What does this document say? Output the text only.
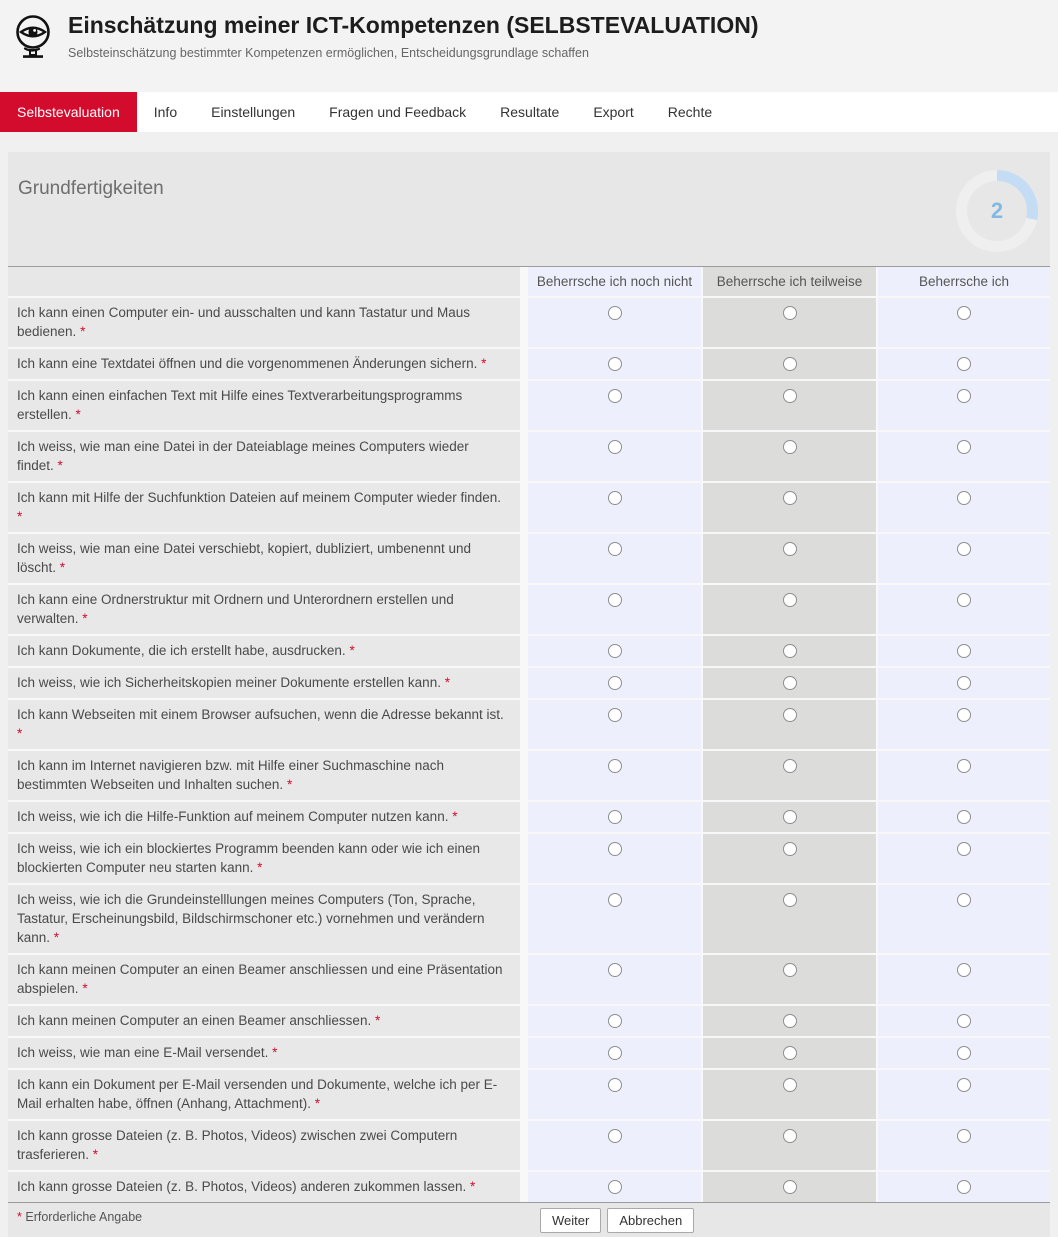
Einschätzung meiner ICT-Kompetenzen (SELBSTEVALUATION)
Selbsteinschätzung bestimmter Kompetenzen ermöglichen, Entscheidungsgrundlage schaffen
Selbstevaluation	Info	Einstellungen	Fragen und Feedback	Resultate	Export	Rechte
Grundfertigkeiten
2
Beherrsche ich noch nicht	Beherrsche ich teilweise	Beherrsche ich
Ich kann einen Computer ein- und ausschalten und kann Tastatur und Maus bedienen. *
Ich kann eine Textdatei öffnen und die vorgenommenen Änderungen sichern. *
Ich kann einen einfachen Text mit Hilfe eines Textverarbeitungsprogramms erstellen. *
Ich weiss, wie man eine Datei in der Dateiablage meines Computers wieder findet. *
Ich kann mit Hilfe der Suchfunktion Dateien auf meinem Computer wieder finden. *
Ich weiss, wie man eine Datei verschiebt, kopiert, dubliziert, umbenennt und löscht. *
Ich kann eine Ordnerstruktur mit Ordnern und Unterordnern erstellen und verwalten. *
Ich kann Dokumente, die ich erstellt habe, ausdrucken. *
Ich weiss, wie ich Sicherheitskopien meiner Dokumente erstellen kann. *
Ich kann Webseiten mit einem Browser aufsuchen, wenn die Adresse bekannt ist. *
Ich kann im Internet navigieren bzw. mit Hilfe einer Suchmaschine nach bestimmten Webseiten und Inhalten suchen. *
Ich weiss, wie ich die Hilfe-Funktion auf meinem Computer nutzen kann. *
Ich weiss, wie ich ein blockiertes Programm beenden kann oder wie ich einen blockierten Computer neu starten kann. *
Ich weiss, wie ich die Grundeinstelllungen meines Computers (Ton, Sprache, Tastatur, Erscheinungsbild, Bildschirmschoner etc.) vornehmen und verändern kann. *
Ich kann meinen Computer an einen Beamer anschliessen und eine Präsentation abspielen. *
Ich kann meinen Computer an einen Beamer anschliessen. *
Ich weiss, wie man eine E-Mail versendet. *
Ich kann ein Dokument per E-Mail versenden und Dokumente, welche ich per E-Mail erhalten habe, öffnen (Anhang, Attachment). *
Ich kann grosse Dateien (z. B. Photos, Videos) zwischen zwei Computern trasferieren. *
Ich kann grosse Dateien (z. B. Photos, Videos) anderen zukommen lassen. *
* Erforderliche Angabe	Weiter	Abbrechen
